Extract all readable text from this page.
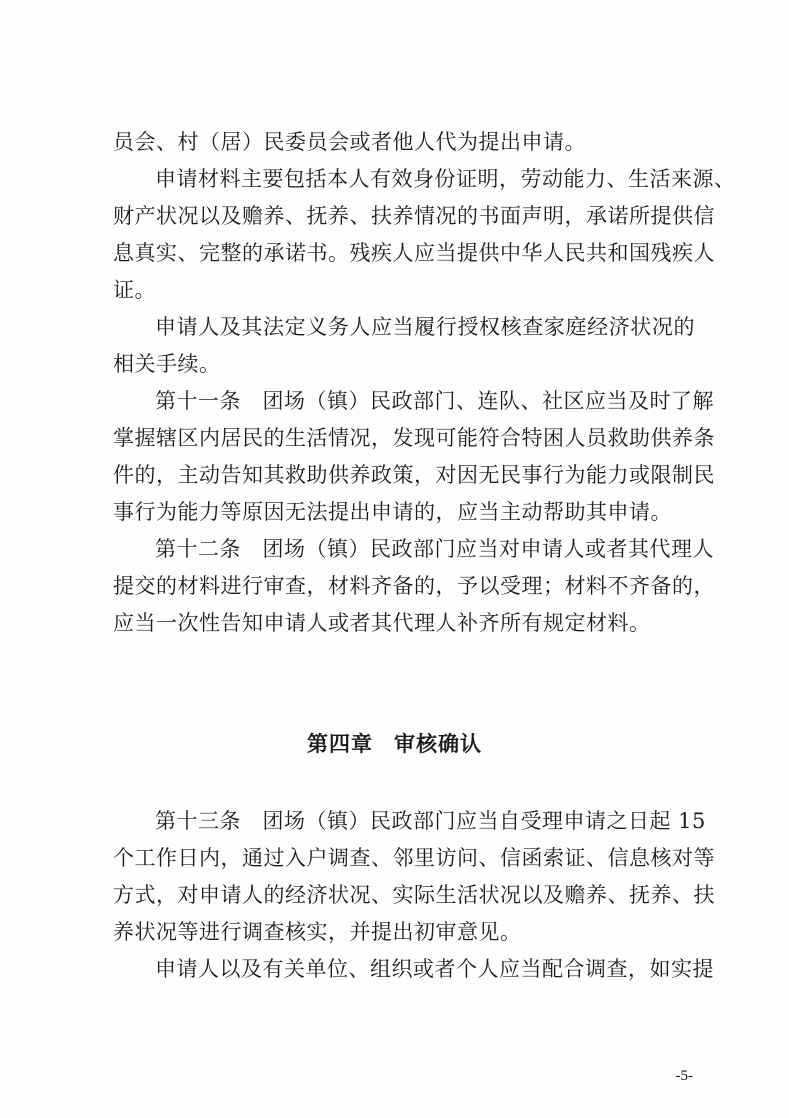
员会、村（居）民委员会或者他人代为提出申请。

申请材料主要包括本人有效身份证明，劳动能力、生活来源、
财产状况以及赡养、抚养、扶养情况的书面声明，承诺所提供信
息真实、完整的承诺书。残疾人应当提供中华人民共和国残疾人
证。

申请人及其法定义务人应当履行授权核查家庭经济状况的
相关手续。

第十一条　团场（镇）民政部门、连队、社区应当及时了解
掌握辖区内居民的生活情况，发现可能符合特困人员救助供养条
件的，主动告知其救助供养政策，对因无民事行为能力或限制民
事行为能力等原因无法提出申请的，应当主动帮助其申请。

第十二条　团场（镇）民政部门应当对申请人或者其代理人
提交的材料进行审查，材料齐备的，予以受理；材料不齐备的，
应当一次性告知申请人或者其代理人补齐所有规定材料。

第四章 审核确认

第十三条　团场（镇）民政部门应当自受理申请之日起 15
个工作日内，通过入户调查、邻里访问、信函索证、信息核对等
方式，对申请人的经济状况、实际生活状况以及赡养、抚养、扶
养状况等进行调查核实，并提出初审意见。

申请人以及有关单位、组织或者个人应当配合调查，如实提

-5-
